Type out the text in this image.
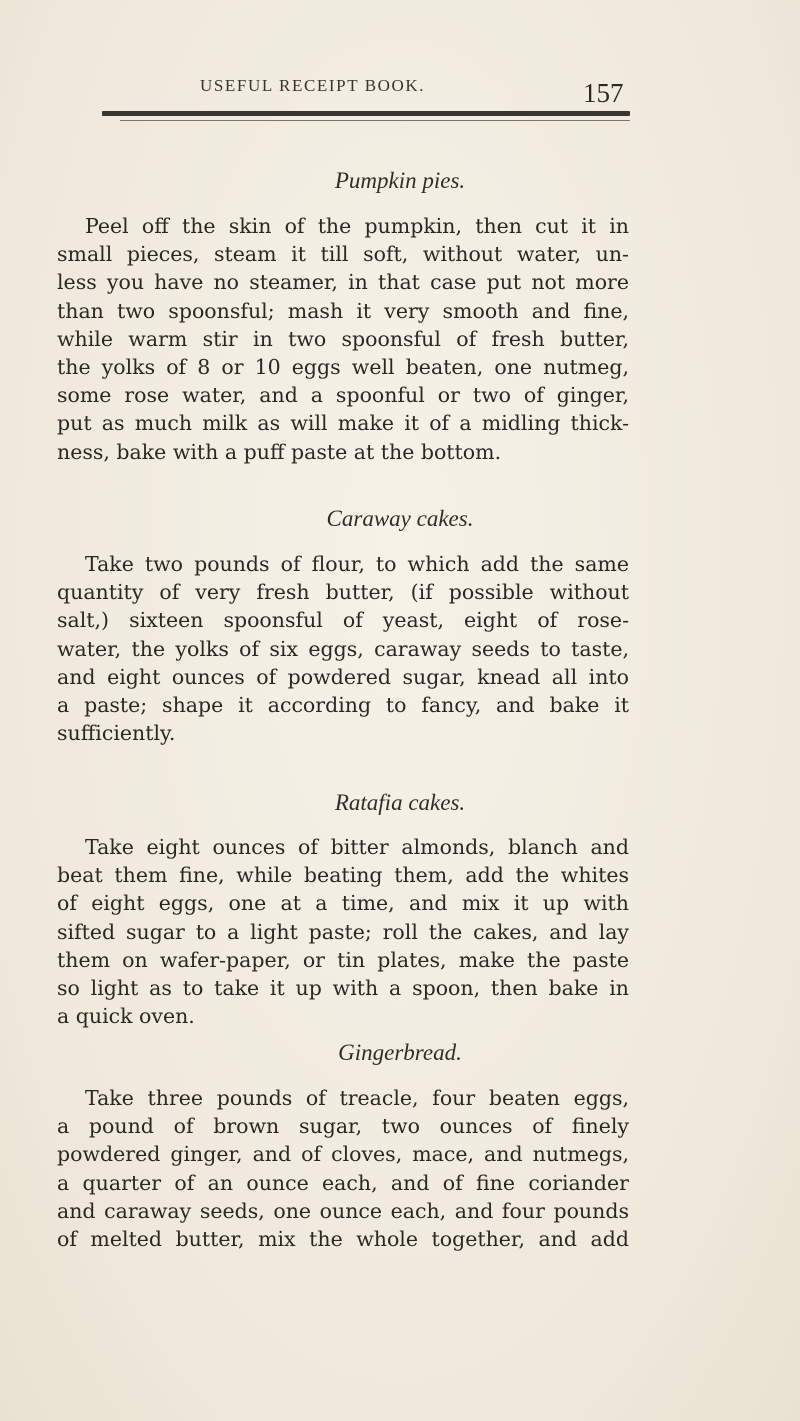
USEFUL RECEIPT BOOK.	157
Pumpkin pies.
Peel off the skin of the pumpkin, then cut it in
small pieces, steam it till soft, without water, un-
less you have no steamer, in that case put not more
than two spoonsful; mash it very smooth and fine,
while warm stir in two spoonsful of fresh butter,
the yolks of 8 or 10 eggs well beaten, one nutmeg,
some rose water, and a spoonful or two of ginger,
put as much milk as will make it of a midling thick-
ness, bake with a puff paste at the bottom.
Caraway cakes.
Take two pounds of flour, to which add the same
quantity of very fresh butter, (if possible without
salt,) sixteen spoonsful of yeast, eight of rose-
water, the yolks of six eggs, caraway seeds to taste,
and eight ounces of powdered sugar, knead all into
a paste; shape it according to fancy, and bake it
sufficiently.
Ratafia cakes.
Take eight ounces of bitter almonds, blanch and
beat them fine, while beating them, add the whites
of eight eggs, one at a time, and mix it up with
sifted sugar to a light paste; roll the cakes, and lay
them on wafer-paper, or tin plates, make the paste
so light as to take it up with a spoon, then bake in
a quick oven.
Gingerbread.
Take three pounds of treacle, four beaten eggs,
a pound of brown sugar, two ounces of finely
powdered ginger, and of cloves, mace, and nutmegs,
a quarter of an ounce each, and of fine coriander
and caraway seeds, one ounce each, and four pounds
of melted butter, mix the whole together, and add
